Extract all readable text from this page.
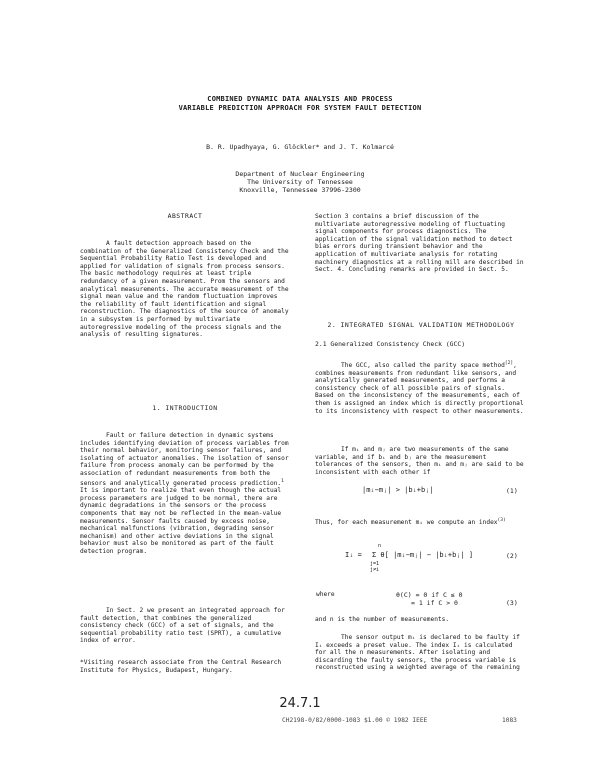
COMBINED DYNAMIC DATA ANALYSIS AND PROCESS
VARIABLE PREDICTION APPROACH FOR SYSTEM FAULT DETECTION
B. R. Upadhyaya, G. Glöckler* and J. T. Kolmarcé
Department of Nuclear Engineering
The University of Tennessee
Knoxville, Tennessee 37996-2300
ABSTRACT

A fault detection approach based on the combination of the Generalized Consistency Check and the Sequential Probability Ratio Test is developed and applied for validation of signals from process sensors. The basic methodology requires at least triple redundancy of a given measurement. Prom the sensors and analytical measurements. The accurate measurement of the signal mean value and the random fluctuation improves the reliability of fault identification and signal reconstruction. The diagnostics of the source of anomaly in a subsystem is performed by multivariate autoregressive modeling of the process signals and the analysis of resulting signatures.

1. INTRODUCTION

Fault or failure detection in dynamic systems includes identifying deviation of process variables from their normal behavior, monitoring sensor failures, and isolating of actuator anomalies. The isolation of sensor failure from process anomaly can be performed by the association of redundant measurements from both the sensors and analytically generated process prediction.$^1$ It is important to realize that even though the actual process parameters are judged to be normal, there are dynamic degradations in the sensors or the process components that may not be reflected in the mean-value measurements. Sensor faults caused by excess noise, mechanical malfunctions (vibration, degrading sensor mechanism) and other active deviations in the signal behavior must also be monitored as part of the fault detection program.

In Sect. 2 we present an integrated approach for fault detection, that combines the generalized consistency check (GCC) of a set of signals, and the sequential probability ratio test (SPRT), a cumulative index of error.

*Visiting research associate from the Central Research Institute for Physics, Budapest, Hungary.

Section 3 contains a brief discussion of the multivariate autoregressive modeling of fluctuating signal components for process diagnostics. The application of the signal validation method to detect bias errors during transient behavior and the application of multivariate analysis for rotating machinery diagnostics at a rolling mill are described in Sect. 4. Concluding remarks are provided in Sect. 5.

2. INTEGRATED SIGNAL VALIDATION METHODOLOGY
2.1 Generalized Consistency Check (GCC)

The GCC, also called the parity space method[2], combines measurements from redundant like sensors, and analytically generated measurements, and performs a consistency check of all possible pairs of signals. Based on the inconsistency of the measurements, each of them is assigned an index which is directly proportional to its inconsistency with respect to other measurements.

If mᵢ and mⱼ are two measurements of the same variable, and if bᵢ and bⱼ are the measurement tolerances of the sensors, then mᵢ and mⱼ are said to be inconsistent with each other if

|mᵢ−mⱼ| > |bᵢ+bⱼ|	(1)

Thus, for each measurement mᵢ we compute an index$^{(3)}$

Iᵢ =
n
Σ θ[ |mᵢ−mⱼ| − |bᵢ+bⱼ| ]
j=1 j≠i
(2)
where	θ(C) = 0 if C ≤ 0
= 1 if C > 0	(3)

and n is the number of measurements.

The sensor output mᵢ is declared to be faulty if Iᵢ exceeds a preset value. The index Iᵢ is calculated for all the n measurements. After isolating and discarding the faulty sensors, the process variable is reconstructed using a weighted average of the remaining

24.7.1
CH2198-0/82/0000-1083 $1.00 © 1982 IEEE	1083
